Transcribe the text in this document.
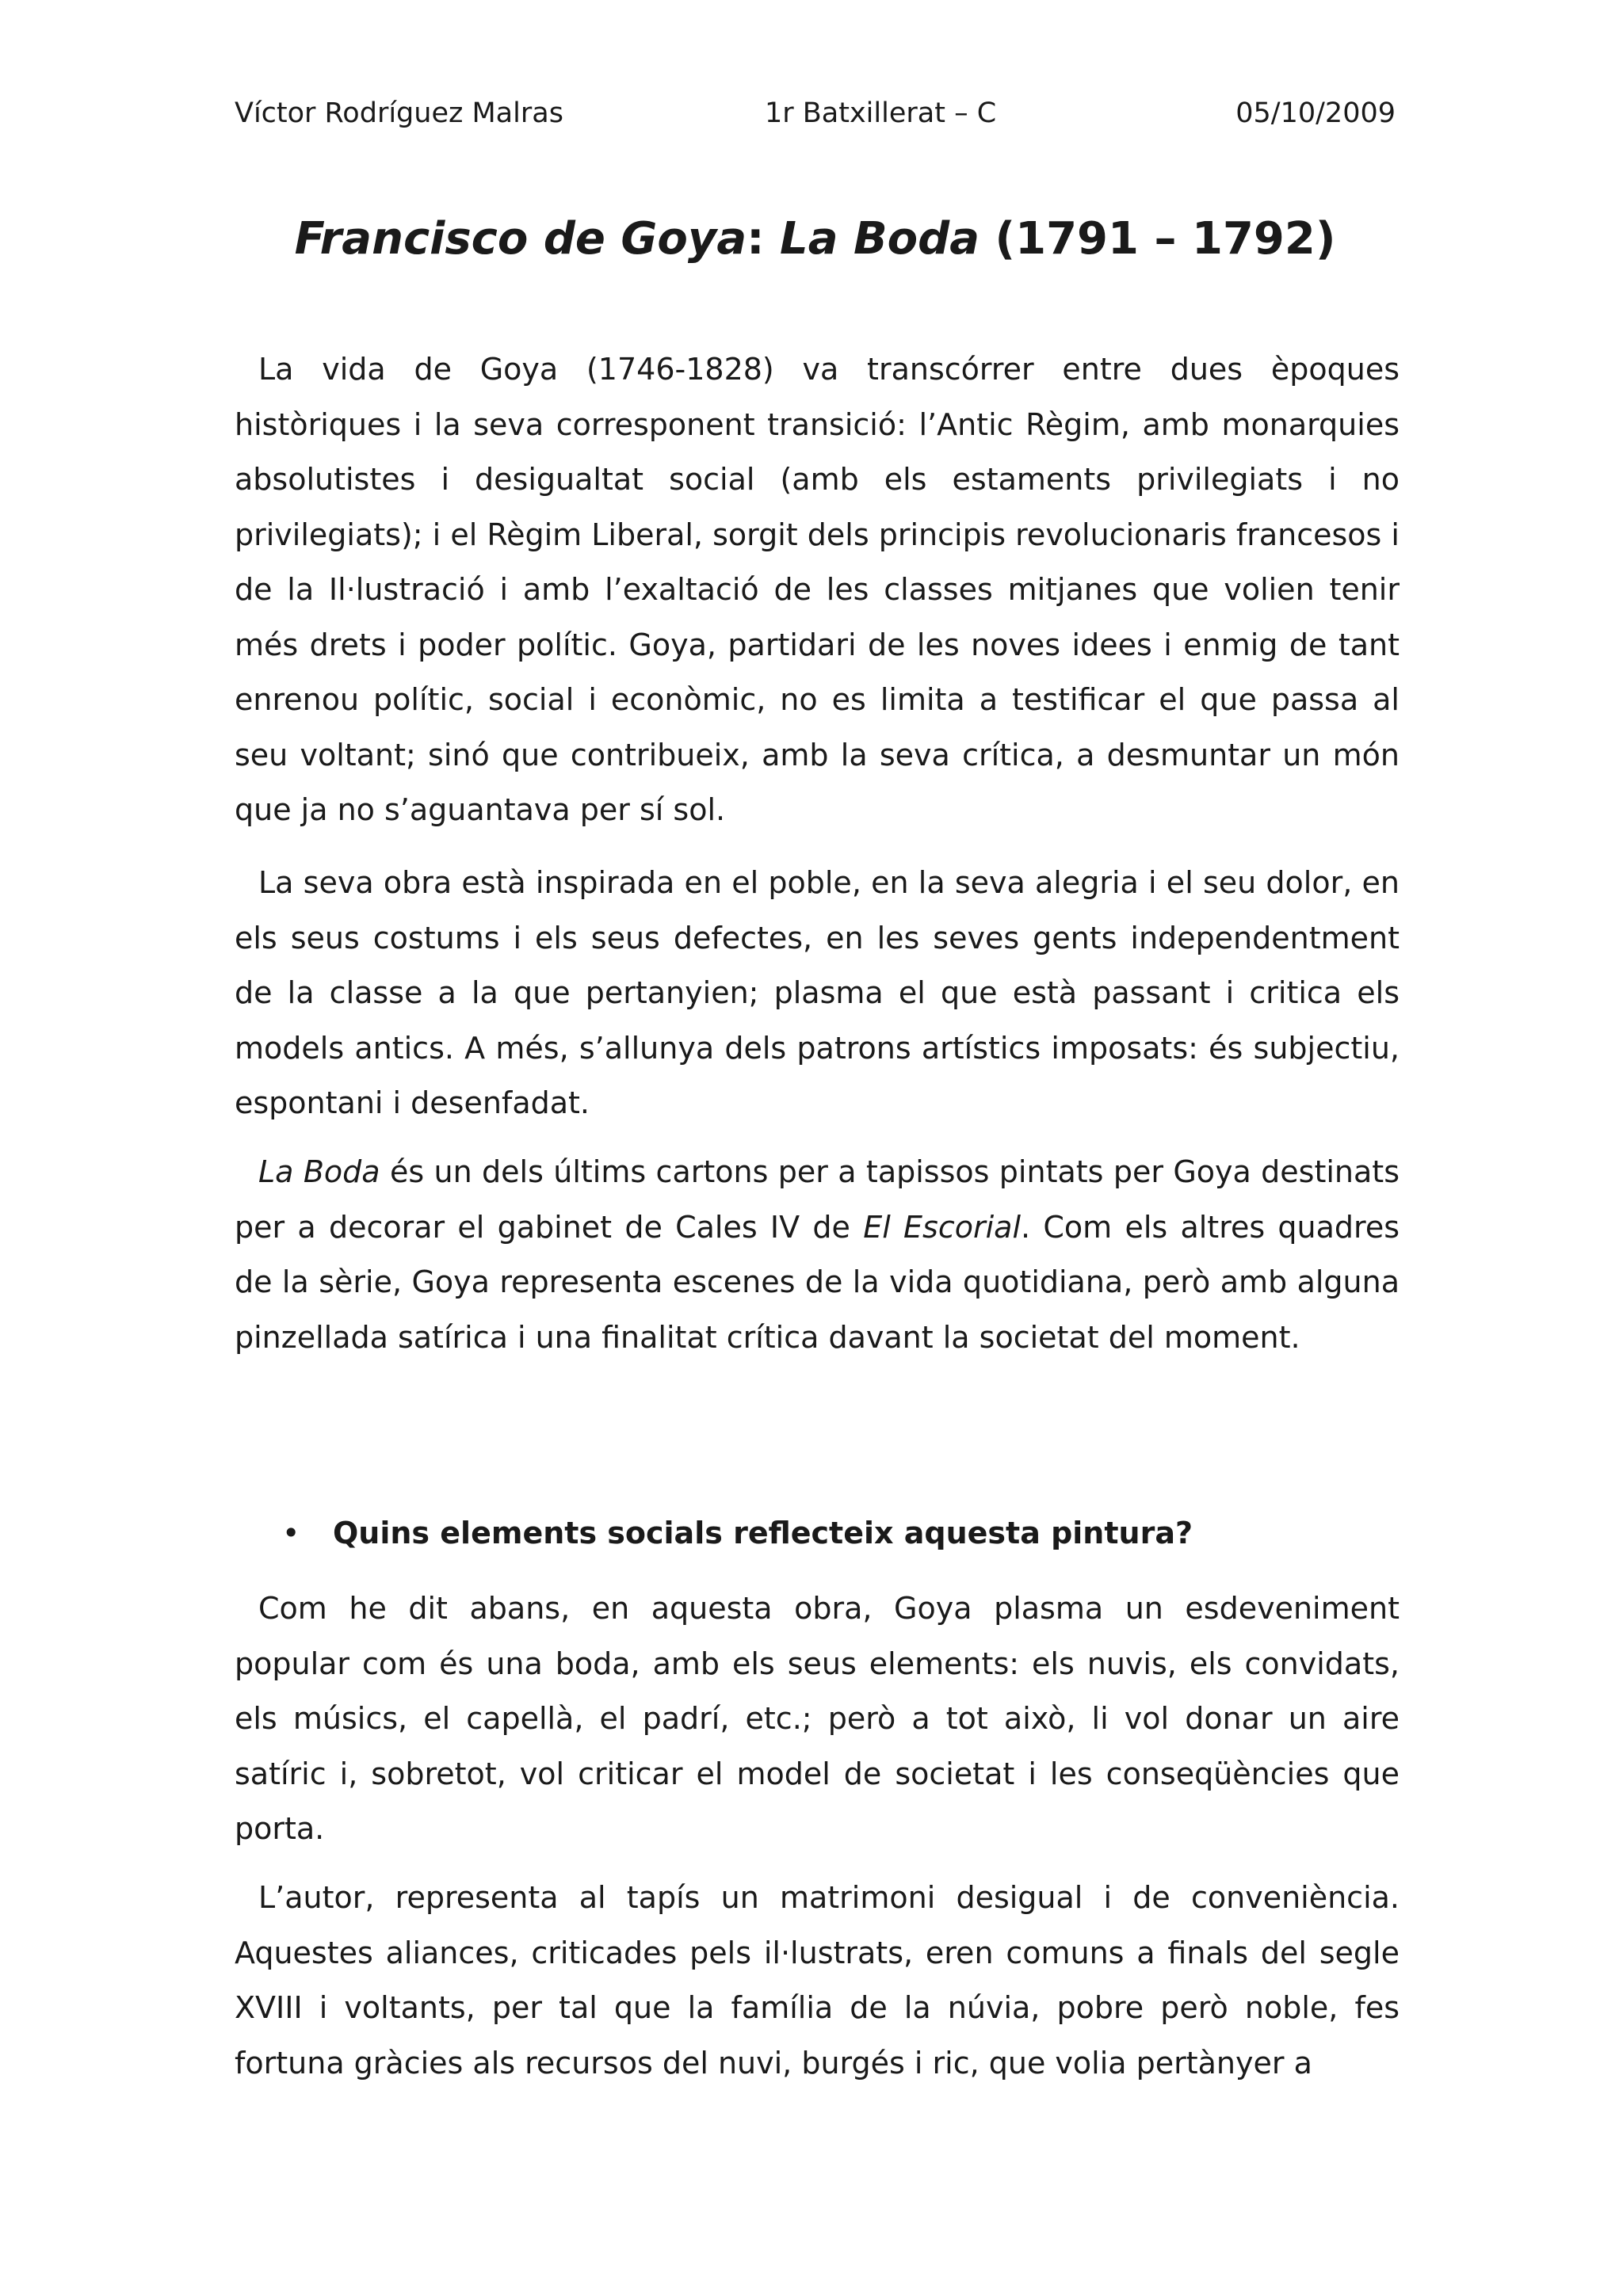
Víctor Rodríguez Malras	1r Batxillerat – C	05/10/2009
Francisco de Goya: La Boda (1791 – 1792)

La vida de Goya (1746-1828) va transcórrer entre dues èpoques històriques i la seva corresponent transició: l’Antic Règim, amb monarquies absolutistes i desigualtat social (amb els estaments privilegiats i no privilegiats); i el Règim Liberal, sorgit dels principis revolucionaris francesos i de la Il·lustració i amb l’exaltació de les classes mitjanes que volien tenir més drets i poder polític. Goya, partidari de les noves idees i enmig de tant enrenou polític, social i econòmic, no es limita a testificar el que passa al seu voltant; sinó que contribueix, amb la seva crítica, a desmuntar un món que ja no s’aguantava per sí sol.

La seva obra està inspirada en el poble, en la seva alegria i el seu dolor, en els seus costums i els seus defectes, en les seves gents independentment de la classe a la que pertanyien; plasma el que està passant i critica els models antics. A més, s’allunya dels patrons artístics imposats: és subjectiu, espontani i desenfadat.

La Boda és un dels últims cartons per a tapissos pintats per Goya destinats per a decorar el gabinet de Cales IV de El Escorial. Com els altres quadres de la sèrie, Goya representa escenes de la vida quotidiana, però amb alguna pinzellada satírica i una finalitat crítica davant la societat del moment.

• Quins elements socials reflecteix aquesta pintura?

Com he dit abans, en aquesta obra, Goya plasma un esdeveniment popular com és una boda, amb els seus elements: els nuvis, els convidats, els músics, el capellà, el padrí, etc.; però a tot això, li vol donar un aire satíric i, sobretot, vol criticar el model de societat i les conseqüències que porta.

L’autor, representa al tapís un matrimoni desigual i de conveniència. Aquestes aliances, criticades pels il·lustrats, eren comuns a finals del segle XVIII i voltants, per tal que la família de la núvia, pobre però noble, fes fortuna gràcies als recursos del nuvi, burgés i ric, que volia pertànyer a
